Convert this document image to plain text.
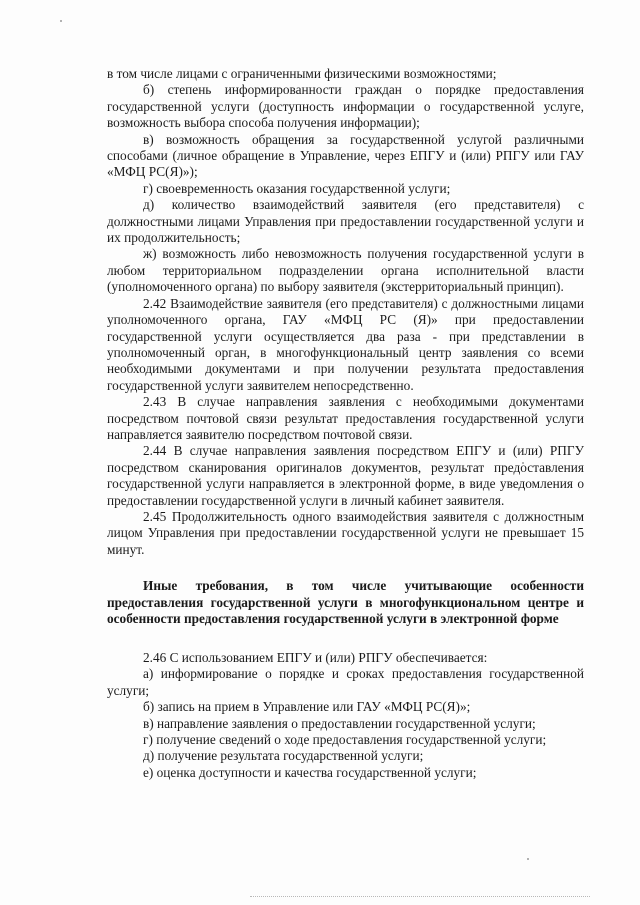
в том числе лицами с ограниченными физическими возможностями;

б) степень информированности граждан о порядке предоставления государственной услуги (доступность информации о государственной услуге, возможность выбора способа получения информации);

в) возможность обращения за государственной услугой различными способами (личное обращение в Управление, через ЕПГУ и (или) РПГУ или ГАУ «МФЦ РС(Я)»);

г) своевременность оказания государственной услуги;

д) количество взаимодействий заявителя (его представителя) с должностными лицами Управления при предоставлении государственной услуги и их продолжительность;

ж) возможность либо невозможность получения государственной услуги в любом территориальном подразделении органа исполнительной власти (уполномоченного органа) по выбору заявителя (экстерриториальный принцип).

2.42 Взаимодействие заявителя (его представителя) с должностными лицами уполномоченного органа, ГАУ «МФЦ РС (Я)» при предоставлении государственной услуги осуществляется два раза - при представлении в уполномоченный орган, в многофункциональный центр заявления со всеми необходимыми документами и при получении результата предоставления государственной услуги заявителем непосредственно.

2.43 В случае направления заявления с необходимыми документами посредством почтовой связи результат предоставления государственной услуги направляется заявителю посредством почтовой связи.

2.44 В случае направления заявления посредством ЕПГУ и (или) РПГУ посредством сканирования оригиналов документов, результат предоставления государственной услуги направляется в электронной форме, в виде уведомления о предоставлении государственной услуги в личный кабинет заявителя.

2.45 Продолжительность одного взаимодействия заявителя с должностным лицом Управления при предоставлении государственной услуги не превышает 15 минут.

Иные требования, в том числе учитывающие особенности предоставления государственной услуги в многофункциональном центре и особенности предоставления государственной услуги в электронной форме

2.46 С использованием ЕПГУ и (или) РПГУ обеспечивается:

а) информирование о порядке и сроках предоставления государственной услуги;

б) запись на прием в Управление или ГАУ «МФЦ РС(Я)»;

в) направление заявления о предоставлении государственной услуги;

г) получение сведений о ходе предоставления государственной услуги;

д) получение результата государственной услуги;

е) оценка доступности и качества государственной услуги;
